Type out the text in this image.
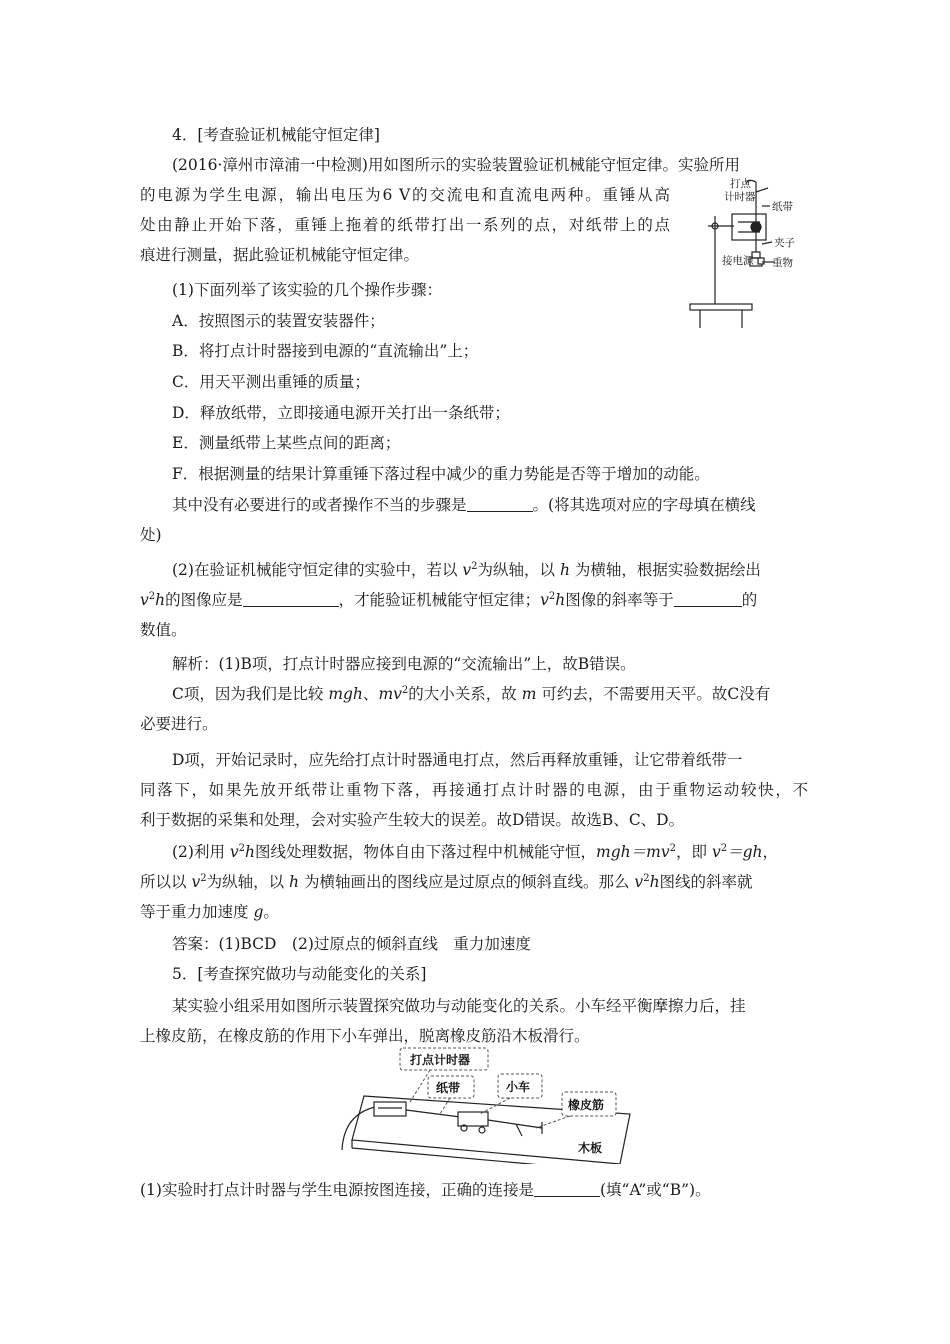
4．[考查验证机械能守恒定律]
(2016·漳州市漳浦一中检测)用如图所示的实验装置验证机械能守恒定律。实验所用
的电源为学生电源，输出电压为6 V的交流电和直流电两种。重锤从高
处由静止开始下落，重锤上拖着的纸带打出一系列的点，对纸带上的点
痕进行测量，据此验证机械能守恒定律。
(1)下面列举了该实验的几个操作步骤：
A．按照图示的装置安装器件；
B．将打点计时器接到电源的“直流输出”上；
C．用天平测出重锤的质量；
D．释放纸带，立即接通电源开关打出一条纸带；
E．测量纸带上某些点间的距离；
F．根据测量的结果计算重锤下落过程中减少的重力势能是否等于增加的动能。
其中没有必要进行的或者操作不当的步骤是	。(将其选项对应的字母填在横线
处)
(2)在验证机械能守恒定律的实验中，若以 $v^2$为纵轴，以 h 为横轴，根据实验数据绘出
$v^2h$的图像应是	，才能验证机械能守恒定律；$v^2h$图像的斜率等于	的
数值。
解析：(1)B项，打点计时器应接到电源的“交流输出”上，故B错误。
C项，因为我们是比较 mgh、$mv^2$的大小关系，故 m 可约去，不需要用天平。故C没有
必要进行。
D项，开始记录时，应先给打点计时器通电打点，然后再释放重锤，让它带着纸带一
同落下，如果先放开纸带让重物下落，再接通打点计时器的电源，由于重物运动较快，不
利于数据的采集和处理，会对实验产生较大的误差。故D错误。故选B、C、D。
(2)利用 $v^2h$图线处理数据，物体自由下落过程中机械能守恒，$mgh=mv^2$，即 $v^2=gh$，
所以以 $v^2$为纵轴，以 h 为横轴画出的图线应是过原点的倾斜直线。那么 $v^2h$图线的斜率就
等于重力加速度 g。
答案：(1)BCD　(2)过原点的倾斜直线　重力加速度
5．[考查探究做功与动能变化的关系]
某实验小组采用如图所示装置探究做功与动能变化的关系。小车经平衡摩擦力后，挂
上橡皮筋，在橡皮筋的作用下小车弹出，脱离橡皮筋沿木板滑行。
(1)实验时打点计时器与学生电源按图连接，正确的连接是	(填“A”或“B”)。
打点
计时器
纸带
夹子
接电源 重物
打点计时器
纸带	小车
橡皮筋
木板
